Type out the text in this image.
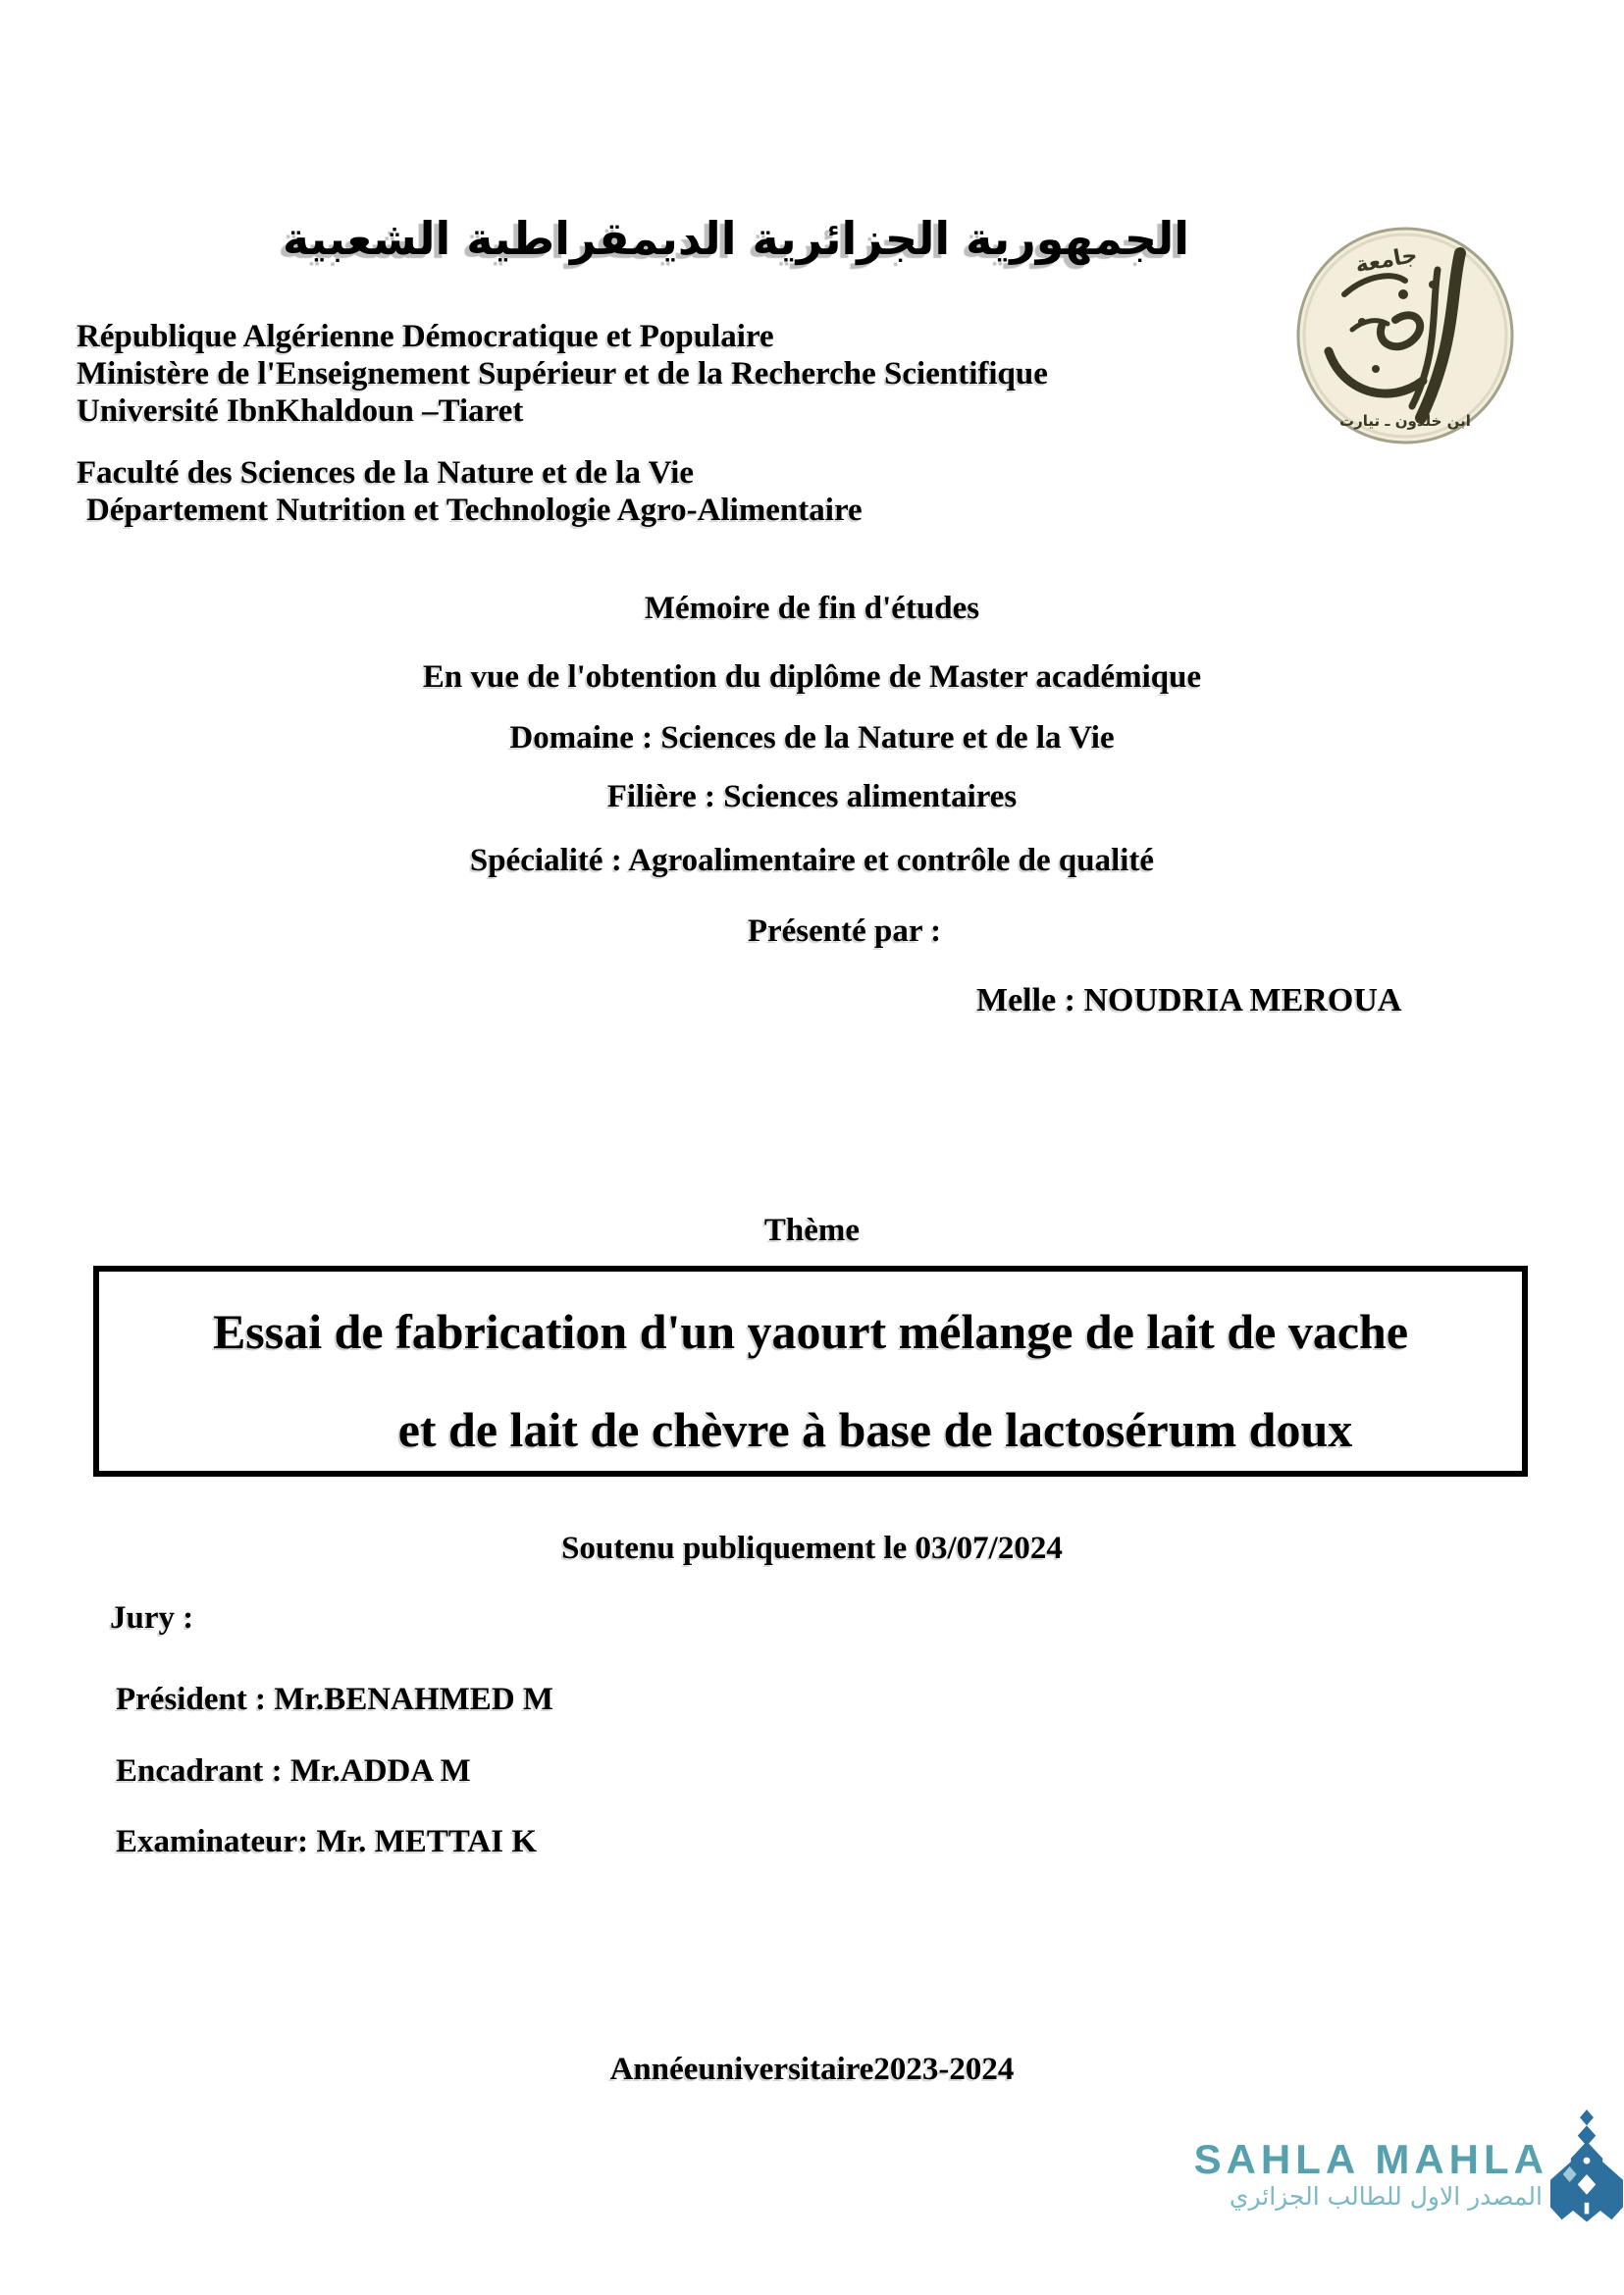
الجمهورية الجزائرية الديمقراطية الشعبية	جامعة
ابن خلدون ـ تيارت
République Algérienne Démocratique et Populaire
Ministère de l'Enseignement Supérieur et de la Recherche Scientifique
Université IbnKhaldoun –Tiaret
Faculté des Sciences de la Nature et de la Vie
Département Nutrition et Technologie Agro-Alimentaire
Mémoire de fin d'études
En vue de l'obtention du diplôme de Master académique
Domaine : Sciences de la Nature et de la Vie
Filière : Sciences alimentaires
Spécialité : Agroalimentaire et contrôle de qualité
Présenté par :
Melle : NOUDRIA MEROUA
Thème
Essai de fabrication d'un yaourt mélange de lait de vache
et de lait de chèvre à base de lactosérum doux
Soutenu publiquement le 03/07/2024
Jury :
Président : Mr.BENAHMED M
Encadrant : Mr.ADDA M
Examinateur: Mr. METTAI K
Annéeuniversitaire2023-2024
SAHLA MAHLA
المصدر الاول للطالب الجزائري
